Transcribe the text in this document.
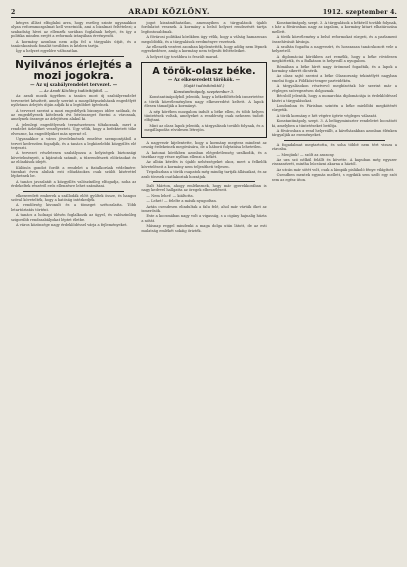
2	ARADI KÖZLÖNY.	1912. szeptember 4.

kényes állást elfoglalni arra, hogy esetleg szinte ugyanakkor olyan reformmozgalmat kell vezetniök, ami a bizalmat feltételezi; a szabadság hívei az ellenzék sorában foglalnak helyet, és így a politika minden erejét a reformok irányában érvényesíti.

A kormány azonban nem adja fel a tárgyalás útját, és a tanácskozások fonalát továbbra is kézben tartja.

Így a helyzet egyelőre változatlan.

Nyilvános érlejtés a mozi jogokra.
— Az uj szabályrendelet tervezet. —
— Az Aradi Közlöny tudósítójától. —

Az aradi mozik ügyében a tanács most új szabályrendelet tervezetet készített, amely szerint a mozgóképszínházak engedélyét nyilvános árlejtés útján adják ki a legtöbbet ígérőnek.

A tervezet szerint a mozi engedélyek bizonyos időre szólnak, és az engedélyesek kötelesek évi bérösszeget fizetni a városnak, amelynek összege az árlejtésen alakul ki.

A jelenlegi engedélyesek természetesen tiltakoznak, mert a rendelet üzletüket veszélyezteti. Úgy vélik, hogy a befektetett tőke elveszne, ha engedélyüket más nyerné el.

Ugyanakkor a város jövedelmének emelése szempontjából a tervet kedvezően fogadják, és a tanács a legközelebbi közgyűlés elé terjeszti.

A tervezet részletesen szabályozza a helyiségek biztonsági követelményeit, a kijáratok számát, a tűzrendészeti előírásokat és az előadások idejét.

Különös gondot fordít a rendelet a fiatalkorúak védelmére: tizenhat éven aluliak esti előadásokra csak szülői kísérettel léphetnek be.

A tanács javaslatát a közgyűlés valószínűleg elfogadja, noha az érdekeltek részéről erős ellenzésre lehet számítani.

elkeseredett emberek a szállodák előtt gyűltek össze, és hangos szóval követelték, hogy a hatóság intézkedjék.

A rendőrség kivonult és a tömeget szétoszlatta. Több letartóztatás történt.

A tanács a holnapi ülésén foglalkozik az ügyel, és valószínűleg szigorúbb rendszabályokat léptet életbe.

A város közönsége nagy érdeklődéssel várja a fejleményeket.

jogot kiszámíthatatlan, amennyiben a tárgyalások újabb fordulatot vesznek. A kormány a belső helyzet rendezését tartja legfontosabbnak.

A fővárosi politikai körökben úgy vélik, hogy a válság hamarosan megoldódik, és a tárgyalások eredményre vezetnek.

Az ellenzék vezérei azonban kijelentették, hogy addig nem lépnek egyezkedésre, amíg a kormány nem teljesíti feltételeiket.

A helyzet így továbbra is feszült marad.

A török-olasz béke.
— Az elkeseredett törökök. —
(Saját tudósítónktól.)
Konstantinápoly, szeptember 3.

Konstantinápolyból jelentik, hogy a békeföltételek ismertetése a török közvéleményben nagy elkeseredést keltett. A lapok élesen támadják a kormányt.

A nép körében mozgalom indult a béke ellen, és több helyen tüntetések voltak, amelyeket a rendőrség csak nehezen tudott elfojtani.

Mint az olasz lapok jelentik, a tárgyalások tovább folynak, és a megállapodás rövidesen létrejön.

A nagyvezír kijelentette, hogy a kormány megtesz mindent az ország érdekeinek megóvására, de a háború folytatása lehetetlen.

A katonai körökben azonban elégedetlenség uralkodik, és a tisztikar egy része nyíltan ellenzi a békét.

Az albán kérdés is újabb nehézségeket okoz, mert a felkelők követeléseit a kormány nem teljesítheti teljesen.

Tripoliszban a török csapatok még mindig tartják állásaikat, és az arab törzsek csatlakoztak hozzájuk.

Dalt Márton, ahogy emlékeznek, hogy már gyerekkorában is nagy kedvvel hallgatta az öregek elbeszéléseit.

— Nem lehet! — kiáltotta.

— Lehet! — felelte a másik nyugodtan.

Aztán csendesen elindultak a falu felé, ahol már várták őket az ismerősök.

Este a kocsmában nagy volt a vigasság, s a cigány hajnalig húzta a nótát.

Másnap reggel mindenki a maga dolga után látott, de az esti mulatság emlékét sokáig őrizték.

Konstantinápoly, szept. 3. A tárgyalások a békéről tovább folynak, s bár a fővárosban nagy az izgalom, a kormány kitart elhatározása mellett.

A török közvélemény a belső reformokat sürgeti, és a parlament összehívását kívánja.

A szultán fogadta a nagyvezírt, és hosszasan tanácskozott vele a helyzetről.

A diplomáciai körökben azt remélik, hogy a béke rövidesen megköttetik, és a Balkánon is helyreáll a nyugalom.

Rómában a béke hírét nagy örömmel fogadták, és a lapok a kormány sikerét dicsérik.

Az olasz sajtó szerint a béke Olaszország tekintélyét nagyban emelni fogja a Földközi-tenger partvidékén.

A tárgyalásokon résztvevő megbízottak hír szerint már a végleges szövegezésen dolgoznak.

Bécsből jelentik, hogy a monarchia diplomáciája is érdeklődéssel kíséri a tárgyalásokat.

Londonban és Párisban szintén a béke mielőbbi megkötését sürgetik.

A török kormány e hét végére ígérte végleges válaszát.

Konstantinápoly, szept. 3. A belügyminiszter rendeletet bocsátott ki, amelyben a tüntetéseket betiltja.

A fővárosban a rend helyreállt, a kávéházakban azonban élénken tárgyalják az eseményeket.

A fogadalmat megtartotta, és soha többé nem tért vissza a városba.

— Menjünk! — szólt az asszony.

Az ura szó nélkül felállt és követte. A kapuban még egyszer visszanézett, mintha búcsúzni akarna a háztól.

Az utcán már sötét volt, csak a lámpák pislákoló fénye világított.

Csendben mentek egymás mellett, s egyikük sem szólt egy szót sem az egész úton.
